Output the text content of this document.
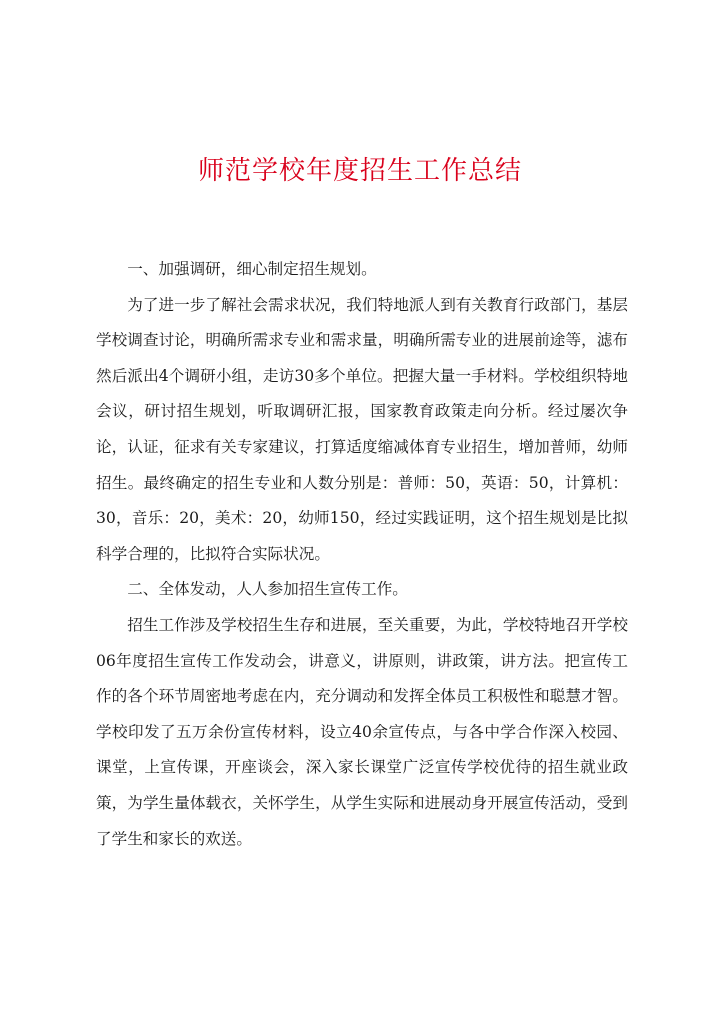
师范学校年度招生工作总结

一、加强调研，细心制定招生规划。

为了进一步了解社会需求状况，我们特地派人到有关教育行政部门，基层学校调查讨论，明确所需求专业和需求量，明确所需专业的进展前途等，滤布然后派出4个调研小组，走访30多个单位。把握大量一手材料。学校组织特地会议，研讨招生规划，听取调研汇报，国家教育政策走向分析。经过屡次争论，认证，征求有关专家建议，打算适度缩减体育专业招生，增加普师，幼师招生。最终确定的招生专业和人数分别是：普师：50，英语：50，计算机：30，音乐：20，美术：20，幼师150，经过实践证明，这个招生规划是比拟科学合理的，比拟符合实际状况。

二、全体发动，人人参加招生宣传工作。

招生工作涉及学校招生生存和进展，至关重要，为此，学校特地召开学校06年度招生宣传工作发动会，讲意义，讲原则，讲政策，讲方法。把宣传工作的各个环节周密地考虑在内，充分调动和发挥全体员工积极性和聪慧才智。学校印发了五万余份宣传材料，设立40余宣传点，与各中学合作深入校园、课堂，上宣传课，开座谈会，深入家长课堂广泛宣传学校优待的招生就业政策，为学生量体载衣，关怀学生，从学生实际和进展动身开展宣传活动，受到了学生和家长的欢送。
